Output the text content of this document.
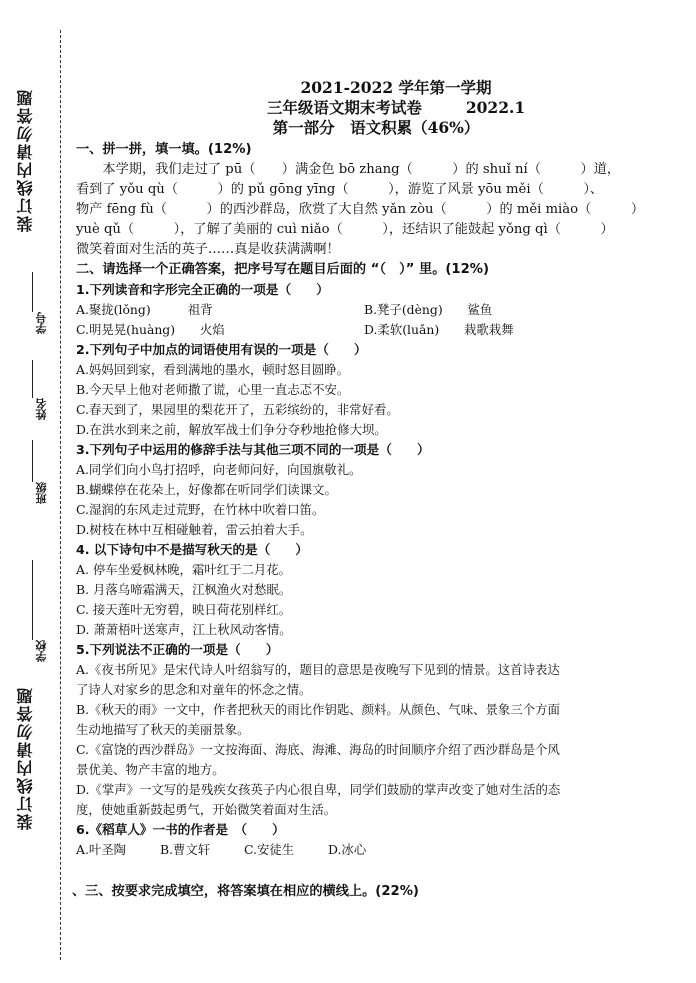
装订线内请勿答题
学号
姓名
班级
学校
装订线内请勿答题
2021-2022 学年第一学期
三年级语文期末考试卷	2022.1
第一部分　语文积累（46%）
一、拼一拼，填一填。(12%)
本学期，我们走过了 pū（　　）满金色 bō zhang（　　　）的 shuǐ ní（　　　）道，
看到了 yǒu qù（　　　）的 pǔ gōng yīng（　　　），游览了风景 yōu měi（　　　）、
物产 fēng fù（　　　）的西沙群岛，欣赏了大自然 yǎn zòu（　　　）的 měi miào（　　　）
yuè qǔ（　　　），了解了美丽的 cuì niǎo（　　　），还结识了能鼓起 yǒng qì（　　　）
微笑着面对生活的英子……真是收获满满啊！
二、请选择一个正确答案，把序号写在题目后面的 “（　）” 里。(12%)
1.下列读音和字形完全正确的一项是（　　）
A.聚拢(lǒng)　　　祖背	B.凳子(dèng)　　鲨鱼
C.明晃晃(huàng)　　火焰	D.柔软(luǎn)　　栽歌栽舞
2.下列句子中加点的词语使用有误的一项是（　　）
A.妈妈回到家，看到满地的墨水，顿时怒目圆睁。
B.今天早上他对老师撒了谎，心里一直忐忑不安。
C.春天到了，果园里的梨花开了，五彩缤纷的，非常好看。
D.在洪水到来之前，解放军战士们争分夺秒地抢修大坝。
3.下列句子中运用的修辞手法与其他三项不同的一项是（　　）
A.同学们向小鸟打招呼，向老师问好，向国旗敬礼。
B.蝴蝶停在花朵上，好像都在听同学们读课文。
C.湿润的东风走过荒野，在竹林中吹着口笛。
D.树枝在林中互相碰触着，雷云拍着大手。
4. 以下诗句中不是描写秋天的是（　　）
A. 停车坐爱枫林晚，霜叶红于二月花。
B. 月落乌啼霜满天，江枫渔火对愁眠。
C. 接天莲叶无穷碧，映日荷花别样红。
D. 萧萧梧叶送寒声，江上秋风动客情。
5.下列说法不正确的一项是（　　）
A.《夜书所见》是宋代诗人叶绍翁写的，题目的意思是夜晚写下见到的情景。这首诗表达
了诗人对家乡的思念和对童年的怀念之情。
B.《秋天的雨》一文中，作者把秋天的雨比作钥匙、颜料。从颜色、气味、景象三个方面
生动地描写了秋天的美丽景象。
C.《富饶的西沙群岛》一文按海面、海底、海滩、海岛的时间顺序介绍了西沙群岛是个风
景优美、物产丰富的地方。
D.《掌声》一文写的是残疾女孩英子内心很自卑，同学们鼓励的掌声改变了她对生活的态
度，使她重新鼓起勇气，开始微笑着面对生活。
6.《稻草人》一书的作者是　（　　）
A.叶圣陶	B.曹文轩	C.安徒生	D.冰心
、三、按要求完成填空，将答案填在相应的横线上。(22%)
